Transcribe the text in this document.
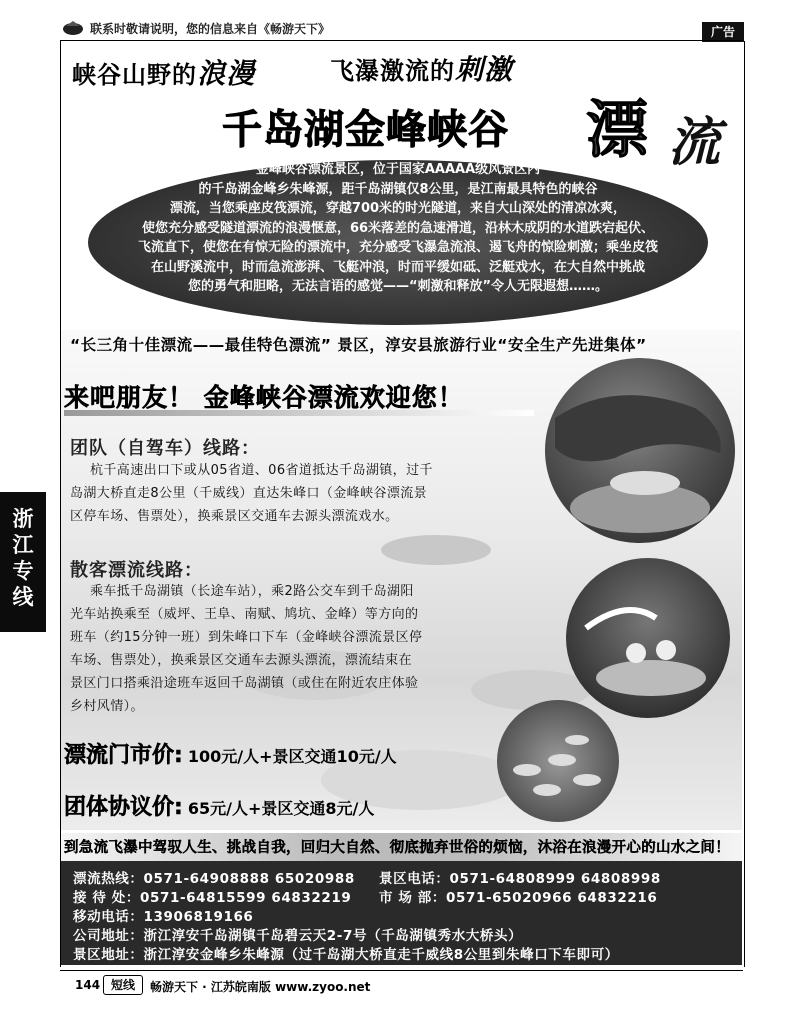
联系时敬请说明，您的信息来自《畅游天下》	广告
峡谷山野的浪漫	飞瀑激流的刺激
千岛湖金峰峡谷 漂 流
金峰峡谷漂流景区，位于国家AAAAA级风景区内
的千岛湖金峰乡朱峰源，距千岛湖镇仅8公里，是江南最具特色的峡谷
漂流，当您乘座皮筏漂流，穿越700米的时光隧道，来自大山深处的清凉冰爽，
使您充分感受隧道漂流的浪漫惬意，66米落差的急速滑道，沿林木成阴的水道跌宕起伏、
飞流直下，使您在有惊无险的漂流中，充分感受飞瀑急流浪、遏飞舟的惊险刺激；乘坐皮筏
在山野溪流中，时而急流澎湃、飞艇冲浪，时而平缓如砥、泛艇戏水，在大自然中挑战
您的勇气和胆略，无法言语的感觉——“刺激和释放”令人无限遐想……。
“长三角十佳漂流——最佳特色漂流” 景区，淳安县旅游行业“安全生产先进集体”
来吧朋友！ 金峰峡谷漂流欢迎您！
团队（自驾车）线路：
杭千高速出口下或从05省道、06省道抵达千岛湖镇，过千
岛湖大桥直走8公里（千威线）直达朱峰口（金峰峡谷漂流景
区停车场、售票处），换乘景区交通车去源头漂流戏水。
散客漂流线路：
乘车抵千岛湖镇（长途车站），乘2路公交车到千岛湖阳
光车站换乘至（威坪、王阜、南赋、鸠坑、金峰）等方向的
班车（约15分钟一班）到朱峰口下车（金峰峡谷漂流景区停
车场、售票处），换乘景区交通车去源头漂流，漂流结束在
景区门口搭乘沿途班车返回千岛湖镇（或住在附近农庄体验
乡村风情）。
漂流门市价: 100元/人+景区交通10元/人
团体协议价: 65元/人+景区交通8元/人
到急流飞瀑中驾驭人生、挑战自我，回归大自然、彻底抛弃世俗的烦恼，沐浴在浪漫开心的山水之间！
漂流热线：0571-64908888 65020988 景区电话：0571-64808999 64808998
接 待 处：0571-64815599 64832219 市 场 部：0571-65020966 64832216
移动电话：13906819166
公司地址：浙江淳安千岛湖镇千岛碧云天2-7号（千岛湖镇秀水大桥头）
景区地址：浙江淳安金峰乡朱峰源（过千岛湖大桥直走千威线8公里到朱峰口下车即可）
浙
江
专
线
144 短线	畅游天下 · 江苏皖南版 www.zyoo.net
